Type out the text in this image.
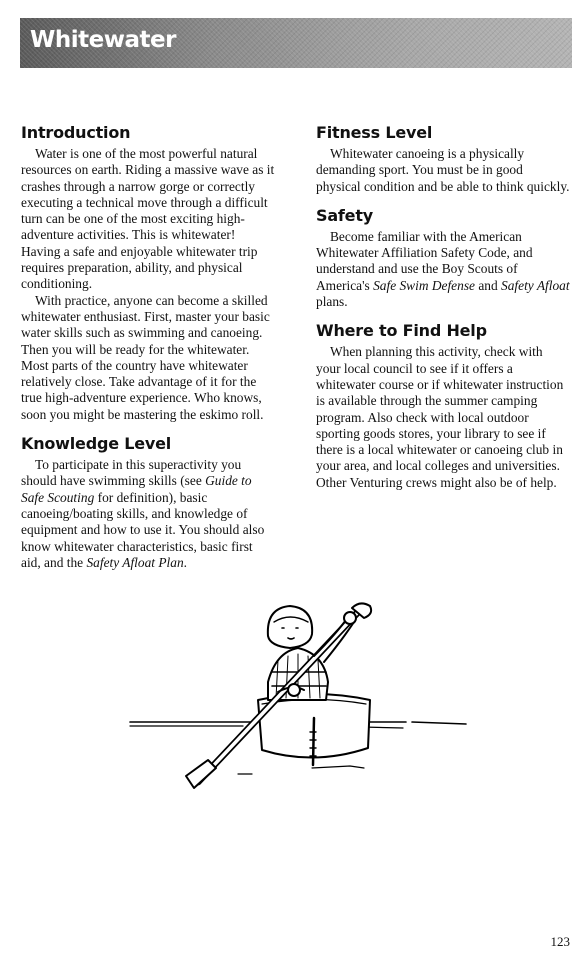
Whitewater
Introduction

Water is one of the most powerful natural resources on earth. Riding a massive wave as it crashes through a narrow gorge or correctly executing a technical move through a difficult turn can be one of the most exciting high-adventure activities. This is whitewater! Having a safe and enjoyable whitewater trip requires preparation, ability, and physical conditioning.

With practice, anyone can become a skilled whitewater enthusiast. First, master your basic water skills such as swimming and canoeing. Then you will be ready for the whitewater. Most parts of the country have whitewater relatively close. Take advantage of it for the true high-adventure experience. Who knows, soon you might be mastering the eskimo roll.

Knowledge Level

To participate in this superactivity you should have swimming skills (see Guide to Safe Scouting for definition), basic canoeing/boating skills, and knowledge of equipment and how to use it. You should also know whitewater characteristics, basic first aid, and the Safety Afloat Plan.

Fitness Level

Whitewater canoeing is a physically demanding sport. You must be in good physical condition and be able to think quickly.

Safety

Become familiar with the American Whitewater Affiliation Safety Code, and understand and use the Boy Scouts of America's Safe Swim Defense and Safety Afloat plans.

Where to Find Help

When planning this activity, check with your local council to see if it offers a whitewater course or if whitewater instruction is available through the summer camping program. Also check with local outdoor sporting goods stores, your library to see if there is a local whitewater or canoeing club in your area, and local colleges and universities. Other Venturing crews might also be of help.

123
